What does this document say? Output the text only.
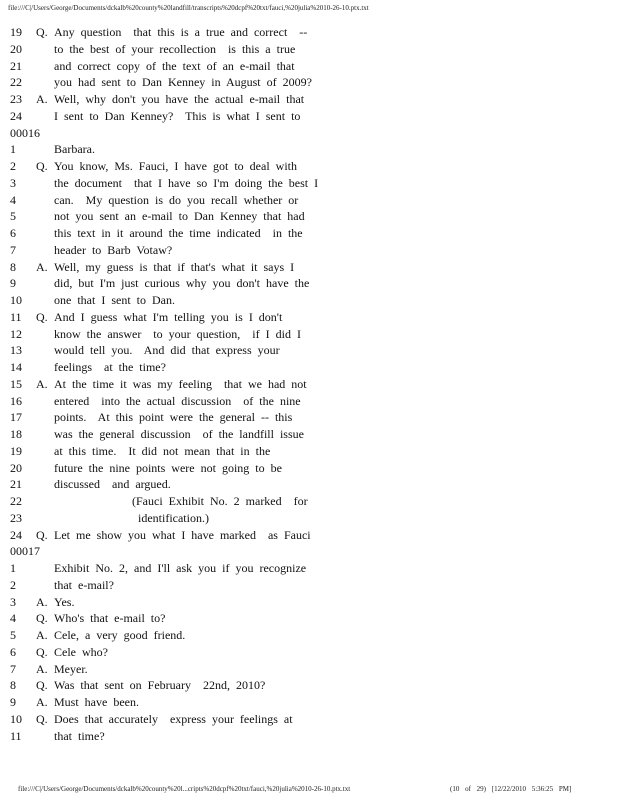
file:///C|/Users/George/Documents/dckalb%20county%20landfill/transcripts%20dcpf%20txt/fauci,%20julia%2010-26-10.ptx.txt
19	Q. Any question  that this is a true and correct  --
20	to the best of your recollection  is this a true
21	and correct copy of the text of an e-mail that
22	you had sent to Dan Kenney in August of 2009?
23	A. Well, why don't you have the actual e-mail that
24	I sent to Dan Kenney?  This is what I sent to
00016
1	Barbara.
2	Q. You know, Ms. Fauci, I have got to deal with
3	the document  that I have so I'm doing the best I
4	can.  My question is do you recall whether or
5	not you sent an e-mail to Dan Kenney that had
6	this text in it around the time indicated  in the
7	header to Barb Votaw?
8	A. Well, my guess is that if that's what it says I
9	did, but I'm just curious why you don't have the
10	one that I sent to Dan.
11	Q. And I guess what I'm telling you is I don't
12	know the answer  to your question,  if I did I
13	would tell you.  And did that express your
14	feelings  at the time?
15	A. At the time it was my feeling  that we had not
16	entered  into the actual discussion  of the nine
17	points.  At this point were the general -- this
18	was the general discussion  of the landfill issue
19	at this time.  It did not mean that in the
20	future the nine points were not going to be
21	discussed  and argued.
22	(Fauci Exhibit No. 2 marked  for
23	identification.)
24	Q. Let me show you what I have marked  as Fauci
00017
1	Exhibit No. 2, and I'll ask you if you recognize
2	that e-mail?
3	A. Yes.
4	Q. Who's that e-mail to?
5	A. Cele, a very good friend.
6	Q. Cele who?
7	A. Meyer.
8	Q. Was that sent on February  22nd, 2010?
9	A. Must have been.
10	Q. Does that accurately  express your feelings at
11	that time?
file:///C|/Users/George/Documents/dckalb%20county%20l...cripts%20dcpf%20txt/fauci,%20julia%2010-26-10.ptx.txt	(10 of 29) [12/22/2010 5:36:25 PM]
